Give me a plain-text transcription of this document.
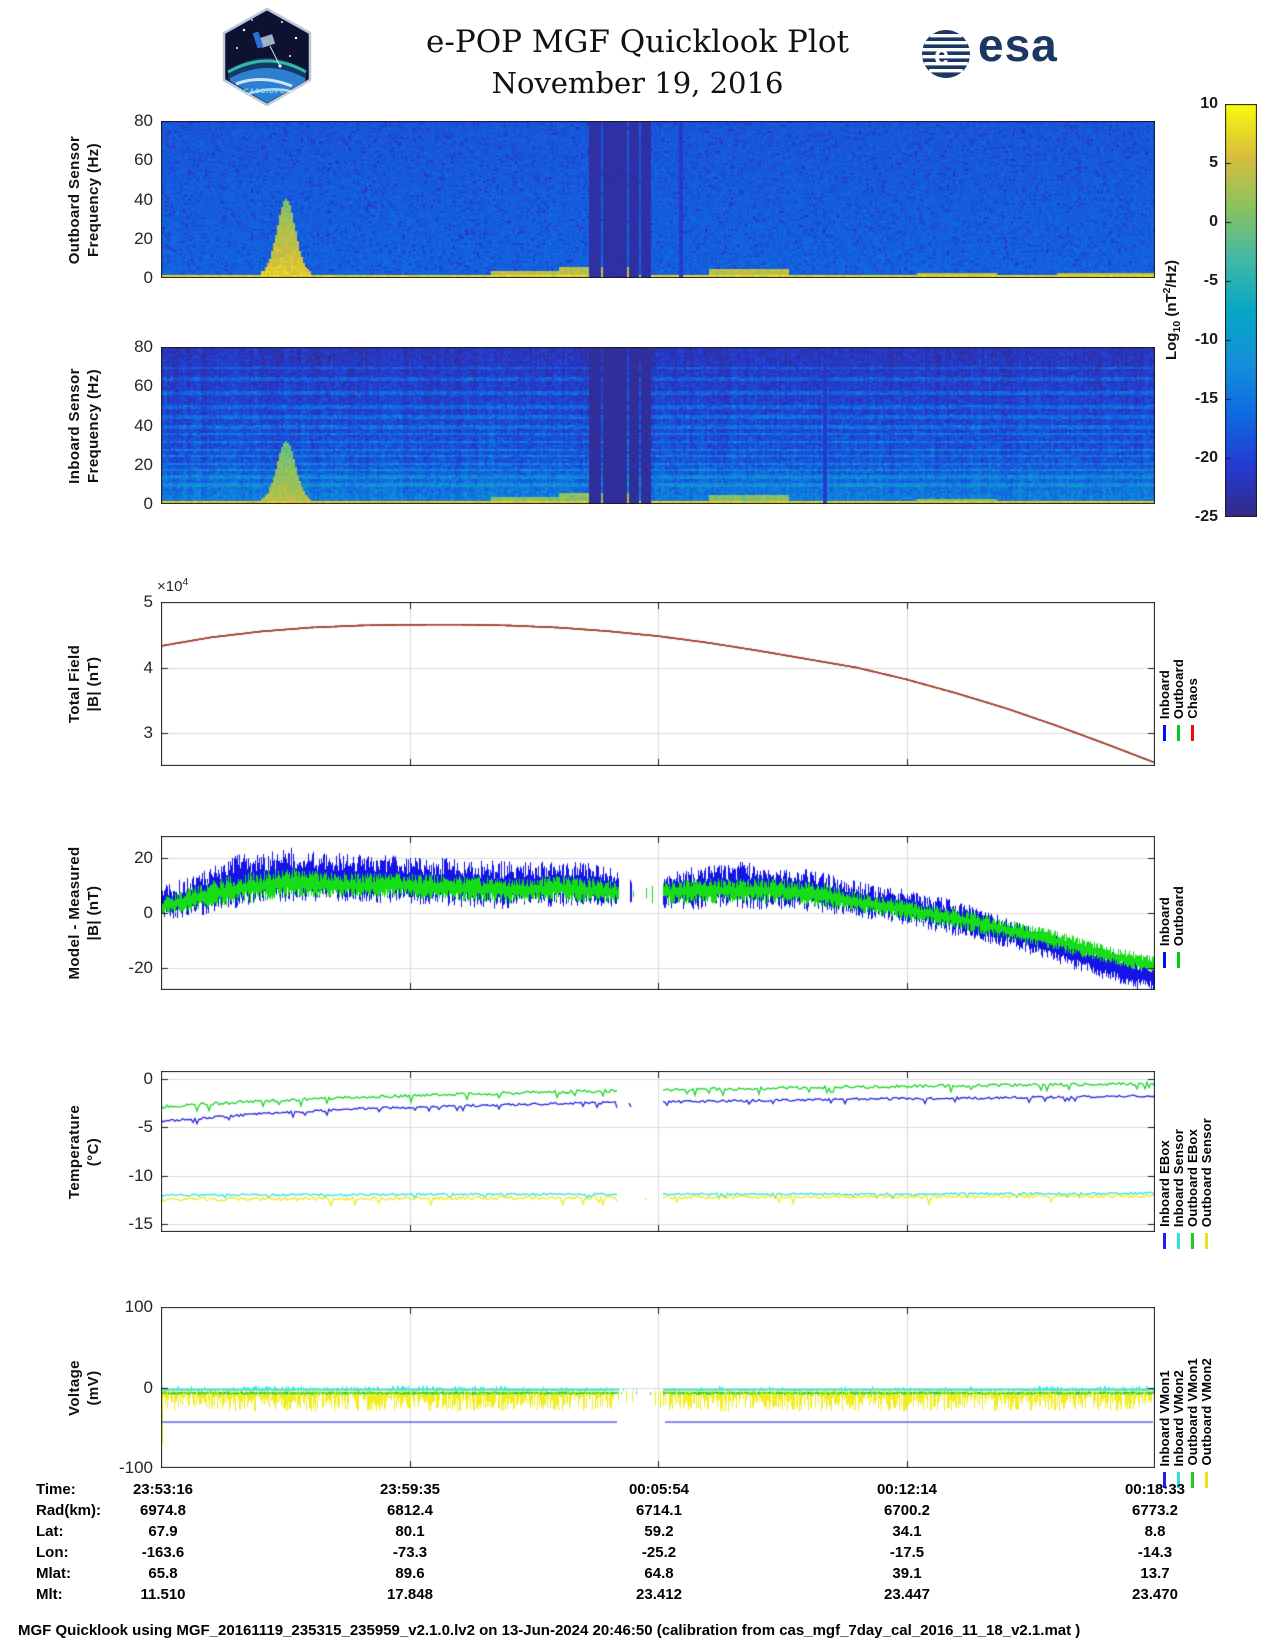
CASSIOPE
e-POP MGF Quicklook Plot
November 19, 2016
e esa
Outboard Sensor Frequency (Hz)
Inboard Sensor Frequency (Hz)
Total Field |B| (nT)
Model - Measured |B| (nT)
Temperature (°C)
Voltage (mV)
$\times 10^4$
Log$_{10}$ $(nT^2/Hz)$
0
20
40
60
80
0
20
40
60
80
3
4
5
-20
0
20
0
-5
-10
-15
-100
0
100
10
5
0
-5
-10
-15
-20
-25
Inboard Outboard Chaos
Inboard Outboard
Inboard EBox Inboard Sensor Outboard EBox Outboard Sensor
Inboard VMon1 Inboard VMon2 Outboard VMon1 Outboard VMon2
Time:	23:53:16	23:59:35	00:05:54	00:12:14	00:18:33
Rad(km):	6974.8	6812.4	6714.1	6700.2	6773.2
Lat:	67.9	80.1	59.2	34.1	8.8
Lon:	-163.6	-73.3	-25.2	-17.5	-14.3
Mlat:	65.8	89.6	64.8	39.1	13.7
Mlt:	11.510	17.848	23.412	23.447	23.470
MGF Quicklook using MGF_20161119_235315_235959_v2.1.0.lv2 on 13-Jun-2024 20:46:50 (calibration from cas_mgf_7day_cal_2016_11_18_v2.1.mat )
